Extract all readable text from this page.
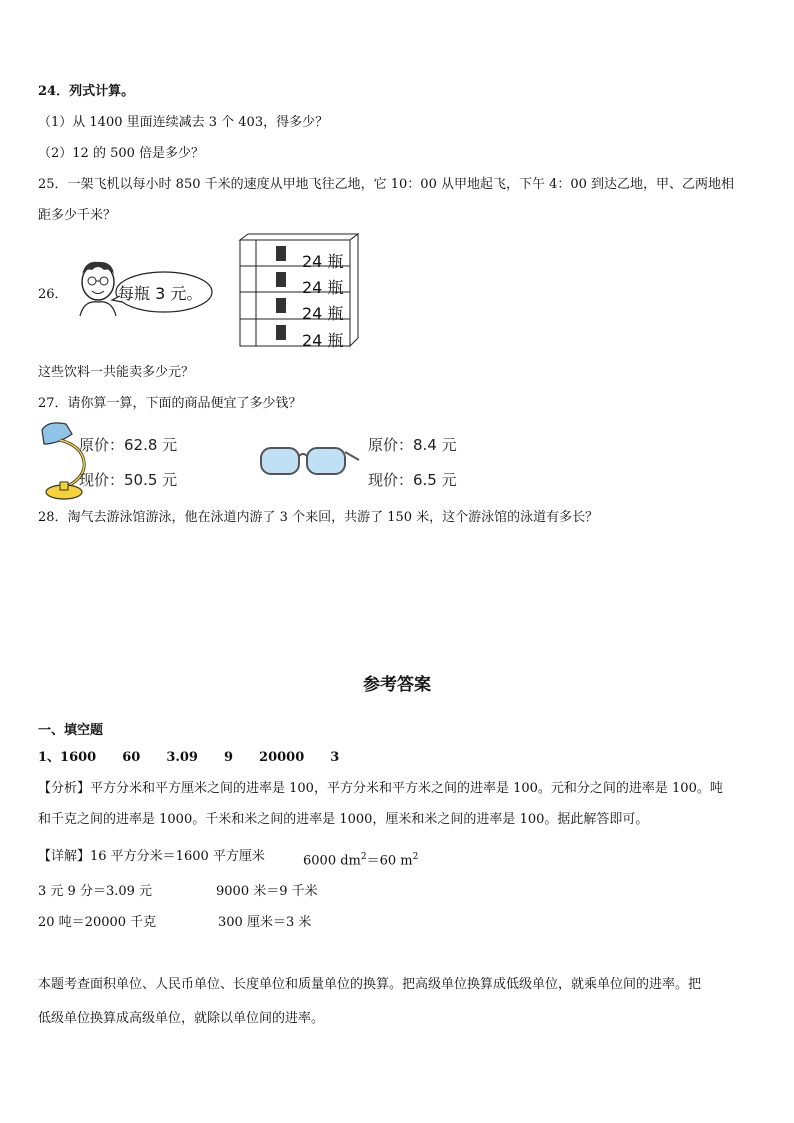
24．列式计算。
（1）从 1400 里面连续减去 3 个 403，得多少？
（2）12 的 500 倍是多少？
25．一架飞机以每小时 850 千米的速度从甲地飞往乙地，它 10：00 从甲地起飞，下午 4：00 到达乙地，甲、乙两地相
距多少千米？
26．	每瓶 3 元。
24 瓶
24 瓶
24 瓶
24 瓶
这些饮料一共能卖多少元？
27．请你算一算，下面的商品便宜了多少钱？
原价：62.8 元
现价：50.5 元
原价：8.4 元
现价：6.5 元
28．淘气去游泳馆游泳，他在泳道内游了 3 个来回，共游了 150 米，这个游泳馆的泳道有多长？
参考答案
一、填空题
1、1600　　60　　3.09　　9　　20000　　3
【分析】平方分米和平方厘米之间的进率是 100，平方分米和平方米之间的进率是 100。元和分之间的进率是 100。吨
和千克之间的进率是 1000。千米和米之间的进率是 1000，厘米和米之间的进率是 100。据此解答即可。
【详解】16 平方分米＝1600 平方厘米	6000 $dm^2=60$ $m^2$
3 元 9 分＝3.09 元	9000 米＝9 千米
20 吨＝20000 千克	300 厘米＝3 米
本题考查面积单位、人民币单位、长度单位和质量单位的换算。把高级单位换算成低级单位，就乘单位间的进率。把
低级单位换算成高级单位，就除以单位间的进率。
